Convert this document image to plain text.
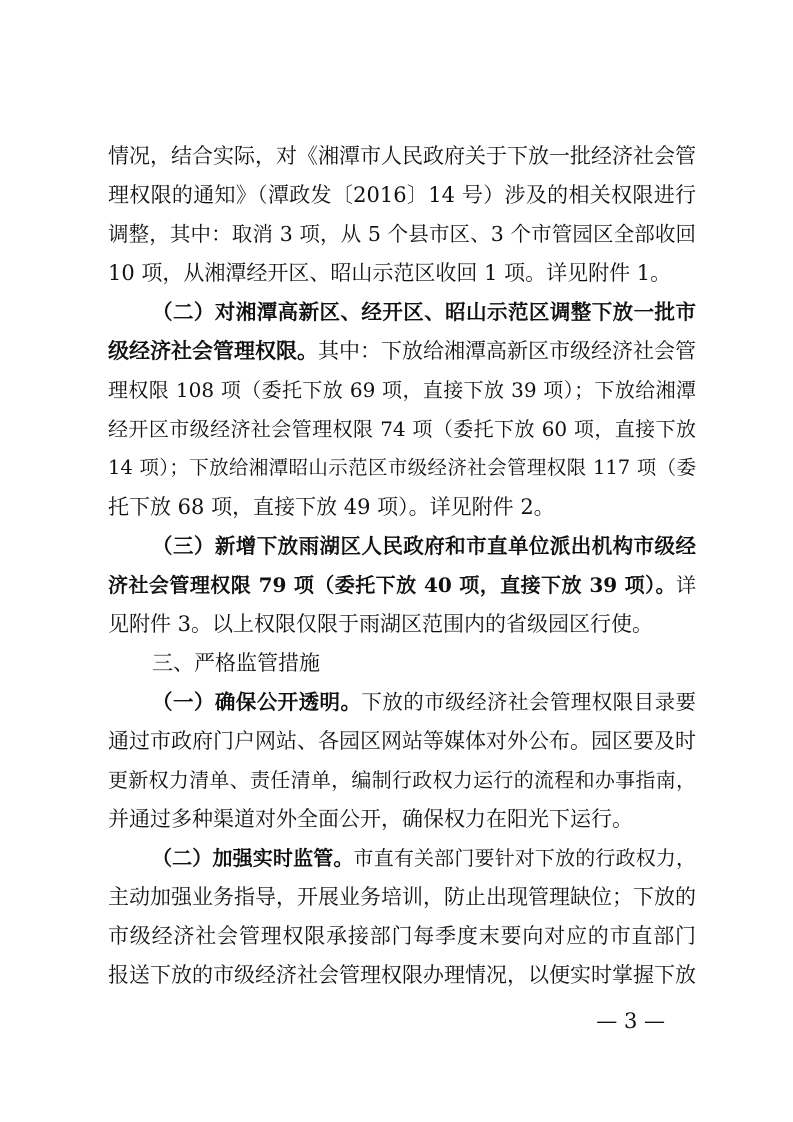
情况，结合实际，对《湘潭市人民政府关于下放一批经济社会管
理权限的通知》（潭政发〔2016〕14 号）涉及的相关权限进行
调整，其中：取消 3 项，从 5 个县市区、3 个市管园区全部收回
10 项，从湘潭经开区、昭山示范区收回 1 项。详见附件 1。
（二）对湘潭高新区、经开区、昭山示范区调整下放一批市
级经济社会管理权限。其中：下放给湘潭高新区市级经济社会管
理权限 108 项（委托下放 69 项，直接下放 39 项）；下放给湘潭
经开区市级经济社会管理权限 74 项（委托下放 60 项，直接下放
14 项）；下放给湘潭昭山示范区市级经济社会管理权限 117 项（委
托下放 68 项，直接下放 49 项）。详见附件 2。
（三）新增下放雨湖区人民政府和市直单位派出机构市级经
济社会管理权限 79 项（委托下放 40 项，直接下放 39 项）。详
见附件 3。以上权限仅限于雨湖区范围内的省级园区行使。
三、严格监管措施
（一）确保公开透明。下放的市级经济社会管理权限目录要
通过市政府门户网站、各园区网站等媒体对外公布。园区要及时
更新权力清单、责任清单，编制行政权力运行的流程和办事指南，
并通过多种渠道对外全面公开，确保权力在阳光下运行。
（二）加强实时监管。市直有关部门要针对下放的行政权力，
主动加强业务指导，开展业务培训，防止出现管理缺位；下放的
市级经济社会管理权限承接部门每季度末要向对应的市直部门
报送下放的市级经济社会管理权限办理情况，以便实时掌握下放
— 3 —
